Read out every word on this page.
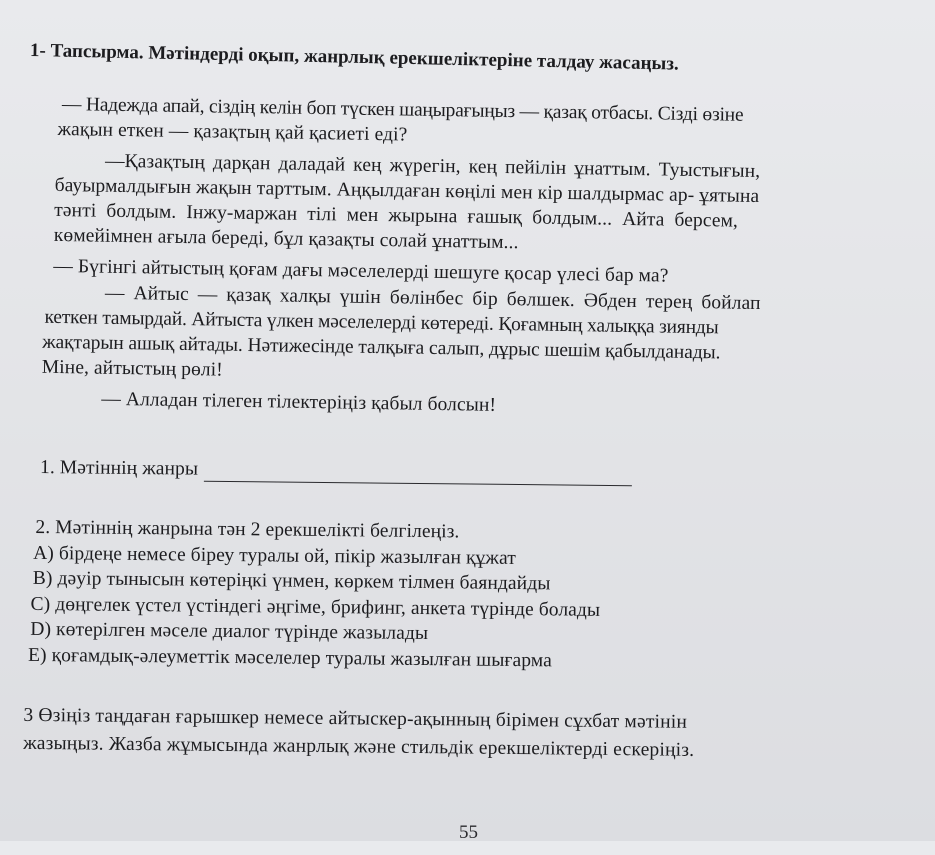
1- Тапсырма. Мәтіндерді оқып, жанрлық ерекшеліктеріне талдау жасаңыз.
— Надежда апай, сіздің келін боп түскен шаңырағыңыз — қазақ отбасы. Сізді өзіне
жақын еткен — қазақтың қай қасиеті еді?
—Қазақтың дарқан даладай кең жүрегін, кең пейілін ұнаттым. Туыстығын,
бауырмалдығын жақын тарттым. Аңқылдаған көңілі мен кір шалдырмас ар- ұятына
тәнті болдым. Інжу-маржан тілі мен жырына ғашық болдым... Айта берсем,
көмейімнен ағыла береді, бұл қазақты солай ұнаттым...
— Бүгінгі айтыстың қоғам дағы мәселелерді шешуге қосар үлесі бар ма?
— Айтыс — қазақ халқы үшін бөлінбес бір бөлшек. Әбден терең бойлап
кеткен тамырдай. Айтыста үлкен мәселелерді көтереді. Қоғамның халыққа зиянды
жақтарын ашық айтады. Нәтижесінде талқыға салып, дұрыс шешім қабылданады.
Міне, айтыстың рөлі!
— Алладан тілеген тілектеріңіз қабыл болсын!
1. Мәтіннің жанры
2. Мәтіннің жанрына тән 2 ерекшелікті белгілеңіз.
A) бірдеңе немесе біреу туралы ой, пікір жазылған құжат
B) дәуір тынысын көтеріңкі үнмен, көркем тілмен баяндайды
C) дөңгелек үстел үстіндегі әңгіме, брифинг, анкета түрінде болады
D) көтерілген мәселе диалог түрінде жазылады
E) қоғамдық-әлеуметтік мәселелер туралы жазылған шығарма
3 Өзіңіз таңдаған ғарышкер немесе айтыскер-ақынның бірімен сұхбат мәтінін
жазыңыз. Жазба жұмысында жанрлық және стильдік ерекшеліктерді ескеріңіз.
55
